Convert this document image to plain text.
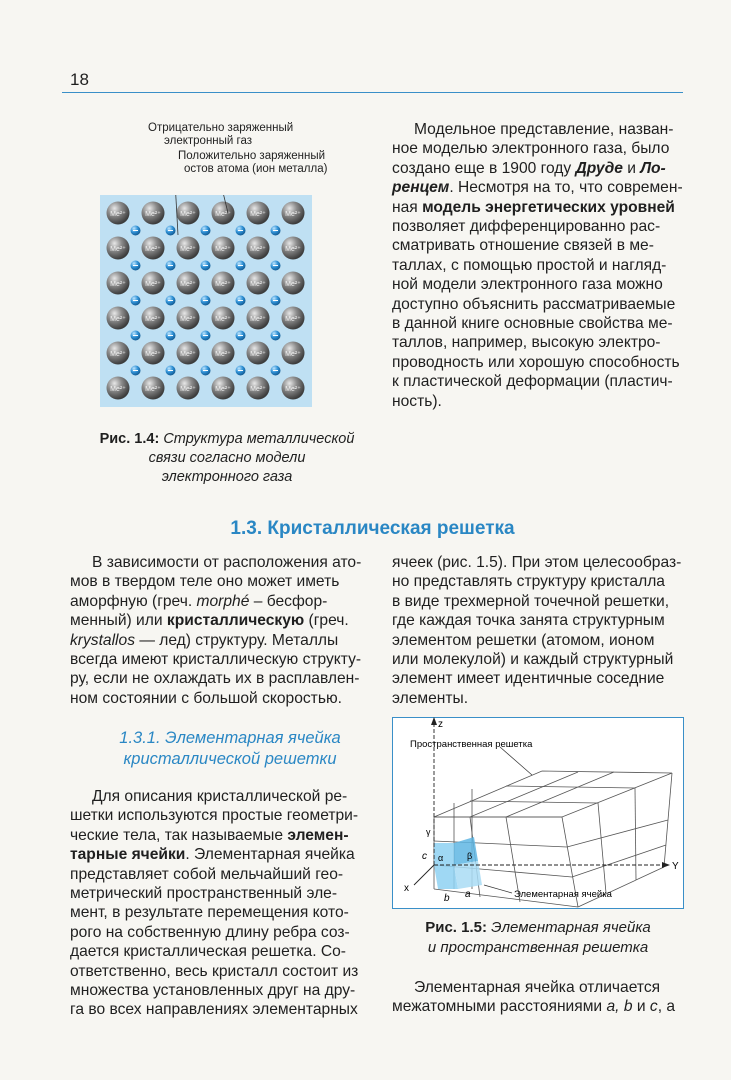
18
Отрицательно заряженный
электронный газ
Положительно заряженный
остов атома (ион металла)
Me²⁺	Me²⁺	Me²⁺	Me²⁺	Me²⁺	Me²⁺
Me²⁺	Me²⁺	Me²⁺	Me²⁺	Me²⁺	Me²⁺
Me²⁺	Me²⁺	Me²⁺	Me²⁺	Me²⁺	Me²⁺
Me²⁺	Me²⁺	Me²⁺	Me²⁺	Me²⁺	Me²⁺
Me²⁺	Me²⁺	Me²⁺	Me²⁺	Me²⁺	Me²⁺
Me²⁺	Me²⁺	Me²⁺	Me²⁺	Me²⁺	Me²⁺
Рис. 1.4: Структура металлической
связи согласно модели
электронного газа
Модельное представление, назван-
ное моделью электронного газа, было
создано еще в 1900 году Друде и Ло-
ренцем. Несмотря на то, что современ-
ная модель энергетических уровней
позволяет дифференцированно рас-
сматривать отношение связей в ме-
таллах, с помощью простой и нагляд-
ной модели электронного газа можно
доступно объяснить рассматриваемые
в данной книге основные свойства ме-
таллов, например, высокую электро-
проводность или хорошую способность
к пластической деформации (пластич-
ность).
1.3. Кристаллическая решетка
В зависимости от расположения ато-
мов в твердом теле оно может иметь
аморфную (греч. morphé – бесфор-
менный) или кристаллическую (греч.
krystallos — лед) структуру. Металлы
всегда имеют кристаллическую структу-
ру, если не охлаждать их в расплавлен-
ном состоянии с большой скоростью.
ячеек (рис. 1.5). При этом целесообраз-
но представлять структуру кристалла
в виде трехмерной точечной решетки,
где каждая точка занята структурным
элементом решетки (атомом, ионом
или молекулой) и каждый структурный
элемент имеет идентичные соседние
элементы.
1.3.1. Элементарная ячейка
кристаллической решетки
Для описания кристаллической ре-
шетки используются простые геометри-
ческие тела, так называемые элемен-
тарные ячейки. Элементарная ячейка
представляет собой мельчайший гео-
метрический пространственный эле-
мент, в результате перемещения кото-
рого на собственную длину ребра соз-
дается кристаллическая решетка. Со-
ответственно, весь кристалл состоит из
множества установленных друг на дру-
га во всех направлениях элементарных
Y
z
x
γ
α	β
c
b a
Пространственная решетка
Элементарная ячейка
Рис. 1.5: Элементарная ячейка
и пространственная решетка
Элементарная ячейка отличается
межатомными расстояниями a, b и c, а
